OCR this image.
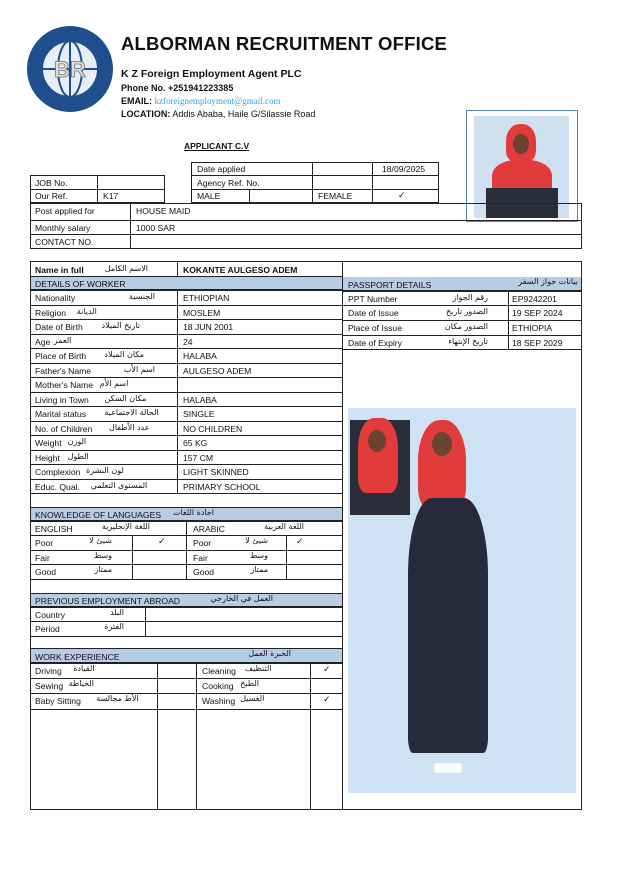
BR
ALBORMAN RECRUITMENT OFFICE
K Z Foreign Employment Agent PLC
Phone No. +251941223385
EMAIL: kzforeignemployment@gmail.com
LOCATION: Addis Ababa, Haile G/Silassie Road
APPLICANT C.V
Date applied	18/09/2025
Agency Ref. No.
MALE	FEMALE	✓
JOB No.
Our Ref.	K17
Post applied for	HOUSE MAID
Monthly salary	1000 SAR
CONTACT NO.
Name in full	الاسم الكامل	KOKANTE AULGESO ADEM
DETAILS OF WORKER
Nationality	الجنسية	ETHIOPIAN
Religion الديانة	MOSLEM
Date of Birth تاريخ الميلاد	18 JUN 2001
Age العمر	24
Place of Birth مكان الميلاد	HALABA
Father's Name	اسم الأب	AULGESO ADEM
Mother's Name اسم الأم
Living in Town مكان السكن	HALABA
Marital status الحالة الاجتماعية	SINGLE
No. of Children عدد الأطفال	NO CHILDREN
Weight الوزن	65 KG
Height الطول	157 CM
Complexion لون البشرة	LIGHT SKINNED
Educ. Qual. المستوى التعلمي	PRIMARY SCHOOL
PASSPORT DETAILS	بيانات جواز السفر
PPT Number	رقم الجواز	EP9242201
Date of Issue	الصدور تاريخ	19 SEP 2024
Place of Issue	الصدور مكان	ETHIOPIA
Date of Expiry	تاريخ الإنتهاء	18 SEP 2029
KNOWLEDGE OF LANGUAGES اجادة اللغات
ENGLISH	اللغة الإنجليزية	ARABIC	اللغة العربية
Poor	شيئ لا	✓	Poor	شيئ لا	✓
Fair	وسط	Fair	وسط
Good	ممتاز	Good	ممتاز
PREVIOUS EMPLOYMENT ABROAD	العمل في الخارجي
Country	البلد
Period	الفترة
WORK EXPERIENCE	الخبرة العمل
Driving القيادة	Cleaning التنظيف	✓
Sewing الخياطة	Cooking الطبخ
Baby Sitting الأط مجالسة	Washing الغسيل	✓
